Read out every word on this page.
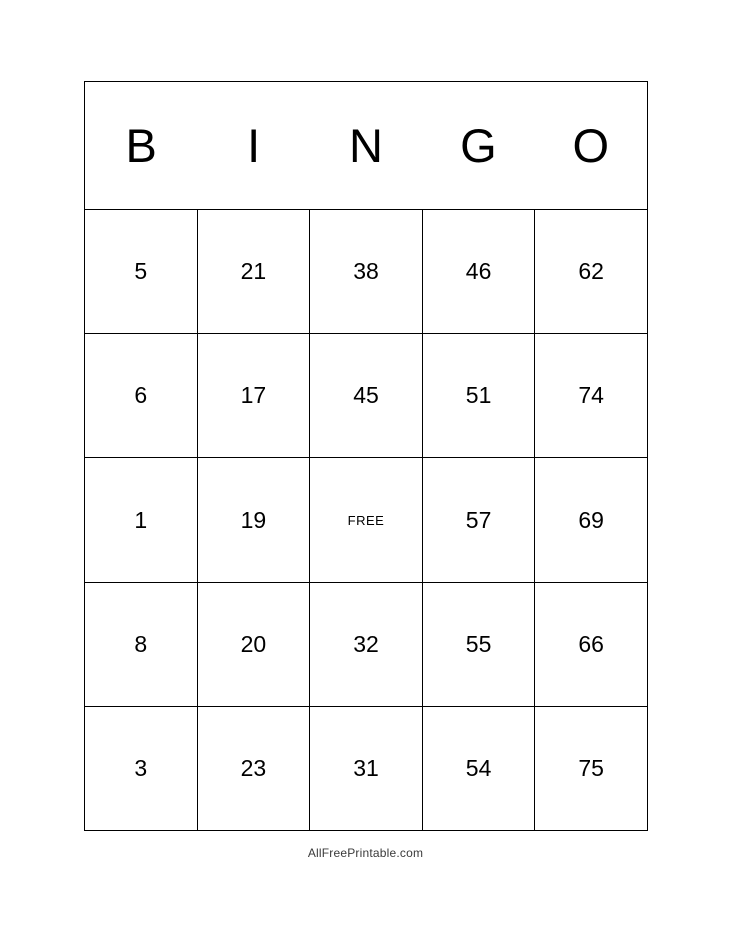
B	I	N	G	O
5	21	38	46	62
6	17	45	51	74
1	19	FREE	57	69
8	20	32	55	66
3	23	31	54	75
AllFreePrintable.com
